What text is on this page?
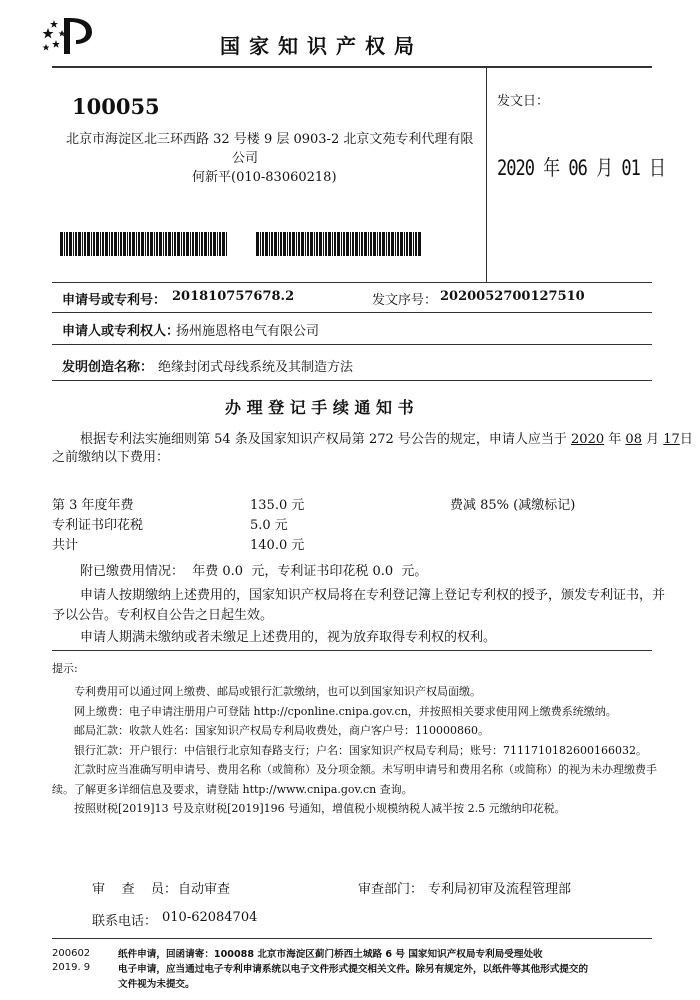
国家知识产权局
100055
北京市海淀区北三环西路 32 号楼 9 层 0903-2 北京文苑专利代理有限
公司
何新平(010-83060218)
发文日：
2020 年 06 月 01 日
申请号或专利号： 201810757678.2	发文序号： 2020052700127510
申请人或专利权人：
扬州施恩格电气有限公司
发明创造名称： 绝缘封闭式母线系统及其制造方法
办 理 登 记 手 续 通 知 书
根据专利法实施细则第 54 条及国家知识产权局第 272 号公告的规定，申请人应当于 2020 年 08 月 17日
之前缴纳以下费用：
第 3 年度年费	135.0 元	费减 85% (减缴标记)
专利证书印花税	5.0 元
共计	140.0 元
附已缴费用情况：  年费 0.0  元，专利证书印花税 0.0  元。
申请人按期缴纳上述费用的，国家知识产权局将在专利登记簿上登记专利权的授予，颁发专利证书，并
予以公告。专利权自公告之日起生效。
申请人期满未缴纳或者未缴足上述费用的，视为放弃取得专利权的权利。
提示:
专利费用可以通过网上缴费、邮局或银行汇款缴纳，也可以到国家知识产权局面缴。
网上缴费：电子申请注册用户可登陆 http://cponline.cnipa.gov.cn，并按照相关要求使用网上缴费系统缴纳。
邮局汇款：收款人姓名：国家知识产权局专利局收费处，商户客户号：110000860。
银行汇款：开户银行：中信银行北京知春路支行；户名：国家知识产权局专利局；账号：7111710182600166032。
汇款时应当准确写明申请号、费用名称（或简称）及分项金额。未写明申请号和费用名称（或简称）的视为未办理缴费手
续。了解更多详细信息及要求，请登陆 http://www.cnipa.gov.cn 查询。
按照财税[2019]13 号及京财税[2019]196 号通知，增值税小规模纳税人减半按 2.5 元缴纳印花税。
审    查    员： 自动审查	审查部门： 专利局初审及流程管理部
联系电话： 010-62084704
200602
2019. 9
纸件申请，回函请寄：100088 北京市海淀区蓟门桥西土城路 6 号 国家知识产权局专利局受理处收
电子申请，应当通过电子专利申请系统以电子文件形式提交相关文件。除另有规定外，以纸件等其他形式提交的
文件视为未提交。
